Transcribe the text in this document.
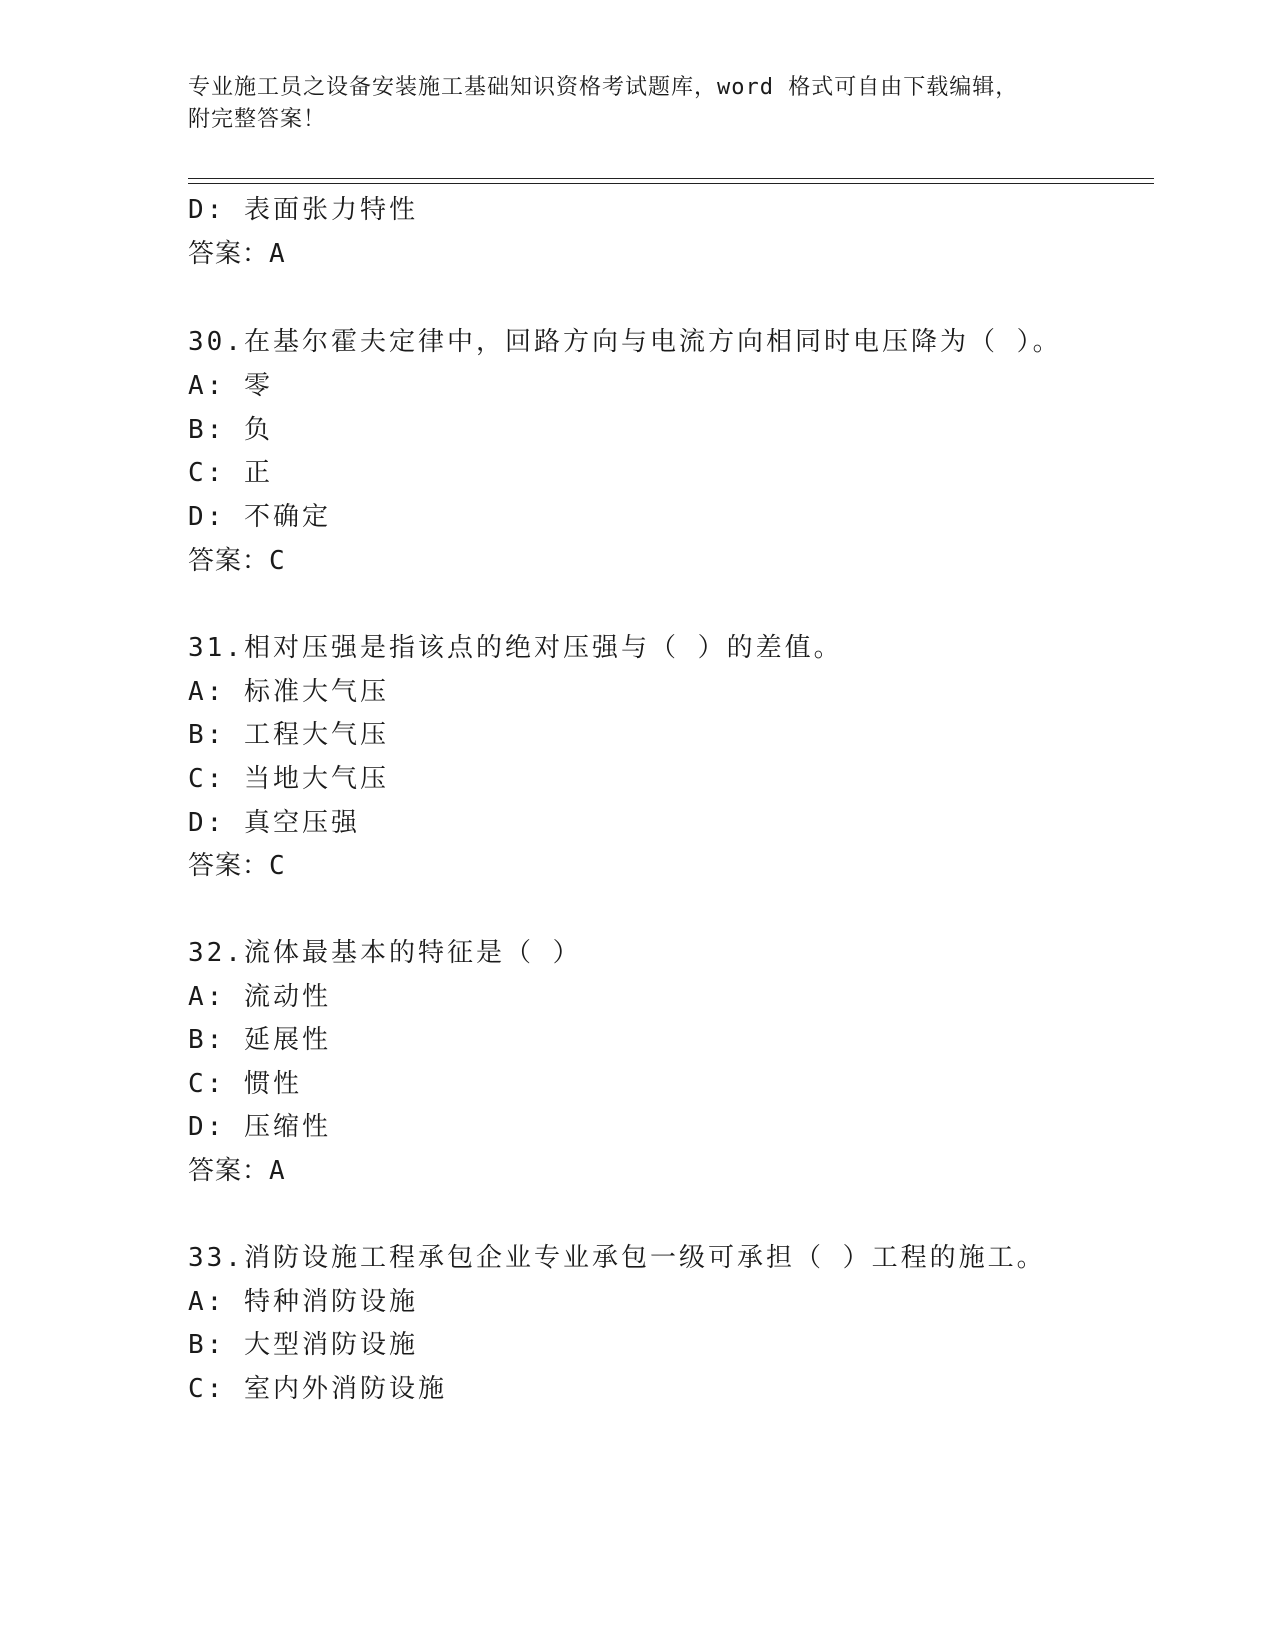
专业施工员之设备安装施工基础知识资格考试题库，word 格式可自由下载编辑，
附完整答案！
D: 表面张力特性
答案：A
30.在基尔霍夫定律中，回路方向与电流方向相同时电压降为（ ）。
A: 零
B: 负
C: 正
D: 不确定
答案：C
31.相对压强是指该点的绝对压强与（ ）的差值。
A: 标准大气压
B: 工程大气压
C: 当地大气压
D: 真空压强
答案：C
32.流体最基本的特征是（ ）
A: 流动性
B: 延展性
C: 惯性
D: 压缩性
答案：A
33.消防设施工程承包企业专业承包一级可承担（ ）工程的施工。
A: 特种消防设施
B: 大型消防设施
C: 室内外消防设施
